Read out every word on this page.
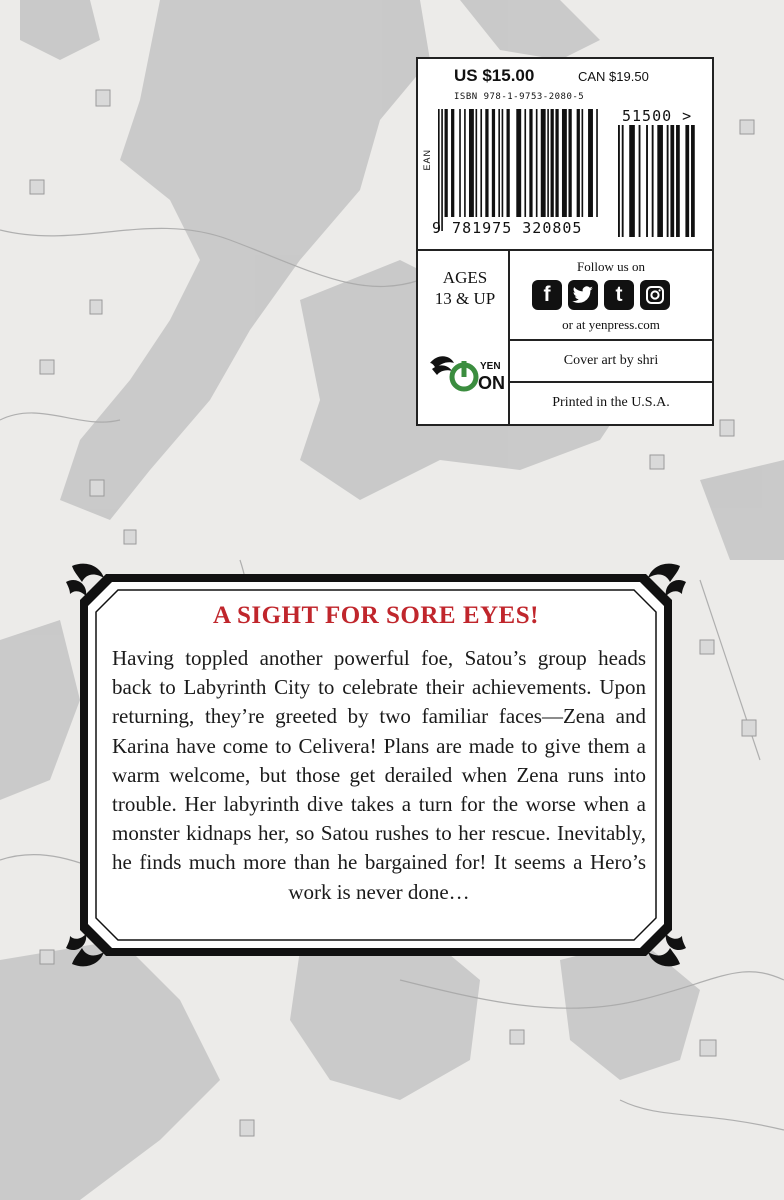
US $15.00	CAN $19.50
ISBN 978-1-9753-2080-5
EAN
9 781975 320805
51500 >
AGES
13 & UP
YEN
ON
Follow us on
f	t
or at yenpress.com
Cover art by shri
Printed in the U.S.A.
A SIGHT FOR SORE EYES!
Having toppled another powerful foe, Satou’s group heads back to Labyrinth City to celebrate their achievements. Upon returning, they’re greeted by two familiar faces—Zena and Karina have come to Celivera! Plans are made to give them a warm welcome, but those get derailed when Zena runs into trouble. Her labyrinth dive takes a turn for the worse when a monster kidnaps her, so Satou rushes to her rescue. Inevitably, he finds much more than he bargained for! It seems a Hero’s work is never done…
